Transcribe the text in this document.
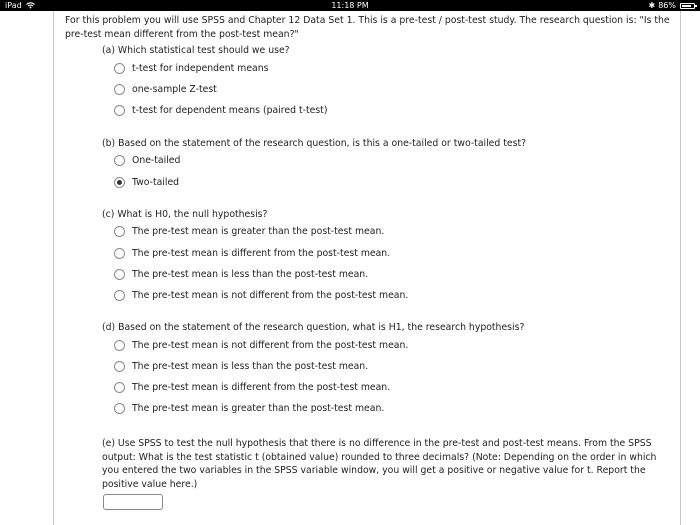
iPad	11:18 PM	✱ 86%
For this problem you will use SPSS and Chapter 12 Data Set 1. This is a pre-test / post-test study. The research question is: "Is the pre-test mean different from the post-test mean?"
(a) Which statistical test should we use?
t-test for independent means
one-sample Z-test
t-test for dependent means (paired t-test)
(b) Based on the statement of the research question, is this a one-tailed or two-tailed test?
One-tailed
Two-tailed
(c) What is H0, the null hypothesis?
The pre-test mean is greater than the post-test mean.
The pre-test mean is different from the post-test mean.
The pre-test mean is less than the post-test mean.
The pre-test mean is not different from the post-test mean.
(d) Based on the statement of the research question, what is H1, the research hypothesis?
The pre-test mean is not different from the post-test mean.
The pre-test mean is less than the post-test mean.
The pre-test mean is different from the post-test mean.
The pre-test mean is greater than the post-test mean.
(e) Use SPSS to test the null hypothesis that there is no difference in the pre-test and post-test means. From the SPSS output: What is the test statistic t (obtained value) rounded to three decimals? (Note: Depending on the order in which you entered the two variables in the SPSS variable window, you will get a positive or negative value for t. Report the positive value here.)
